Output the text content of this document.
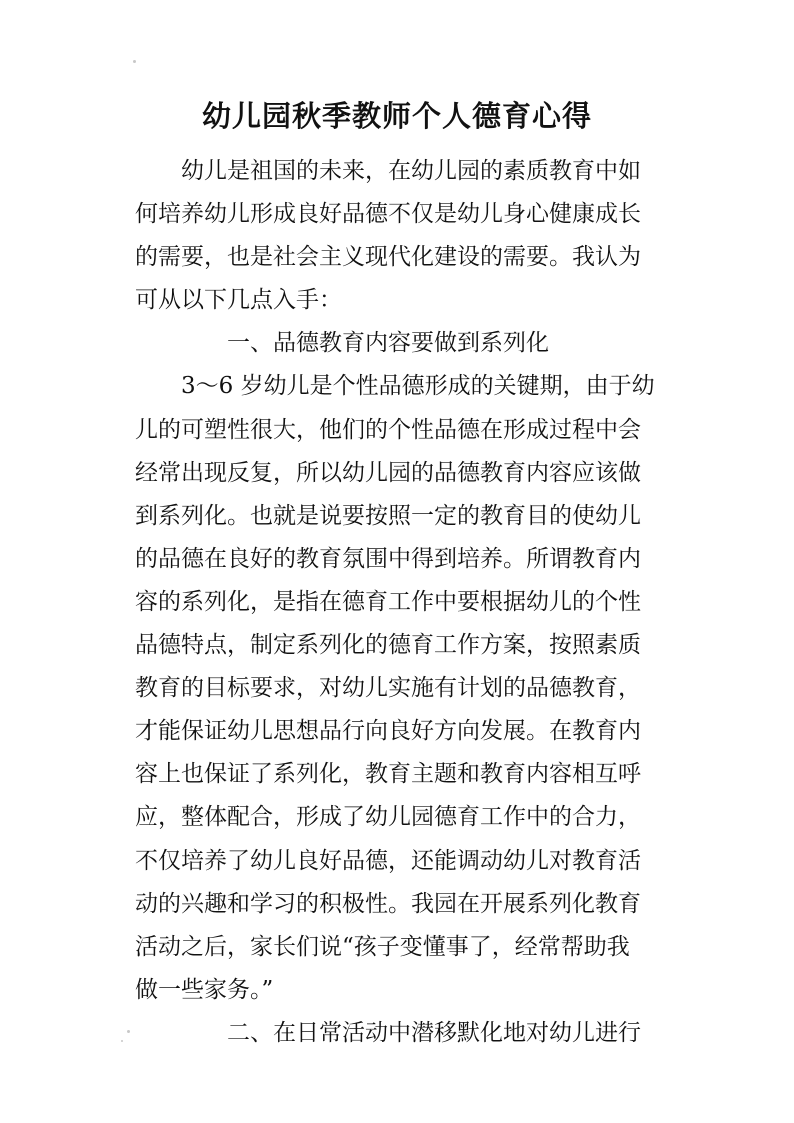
幼儿园秋季教师个人德育心得
幼儿是祖国的未来，在幼儿园的素质教育中如
何培养幼儿形成良好品德不仅是幼儿身心健康成长
的需要，也是社会主义现代化建设的需要。我认为
可从以下几点入手：
一、品德教育内容要做到系列化
3～6 岁幼儿是个性品德形成的关键期，由于幼
儿的可塑性很大，他们的个性品德在形成过程中会
经常出现反复，所以幼儿园的品德教育内容应该做
到系列化。也就是说要按照一定的教育目的使幼儿
的品德在良好的教育氛围中得到培养。所谓教育内
容的系列化，是指在德育工作中要根据幼儿的个性
品德特点，制定系列化的德育工作方案，按照素质
教育的目标要求，对幼儿实施有计划的品德教育，
才能保证幼儿思想品行向良好方向发展。在教育内
容上也保证了系列化，教育主题和教育内容相互呼
应，整体配合，形成了幼儿园德育工作中的合力，
不仅培养了幼儿良好品德，还能调动幼儿对教育活
动的兴趣和学习的积极性。我园在开展系列化教育
活动之后，家长们说“孩子变懂事了，经常帮助我
做一些家务。”
二、在日常活动中潜移默化地对幼儿进行
